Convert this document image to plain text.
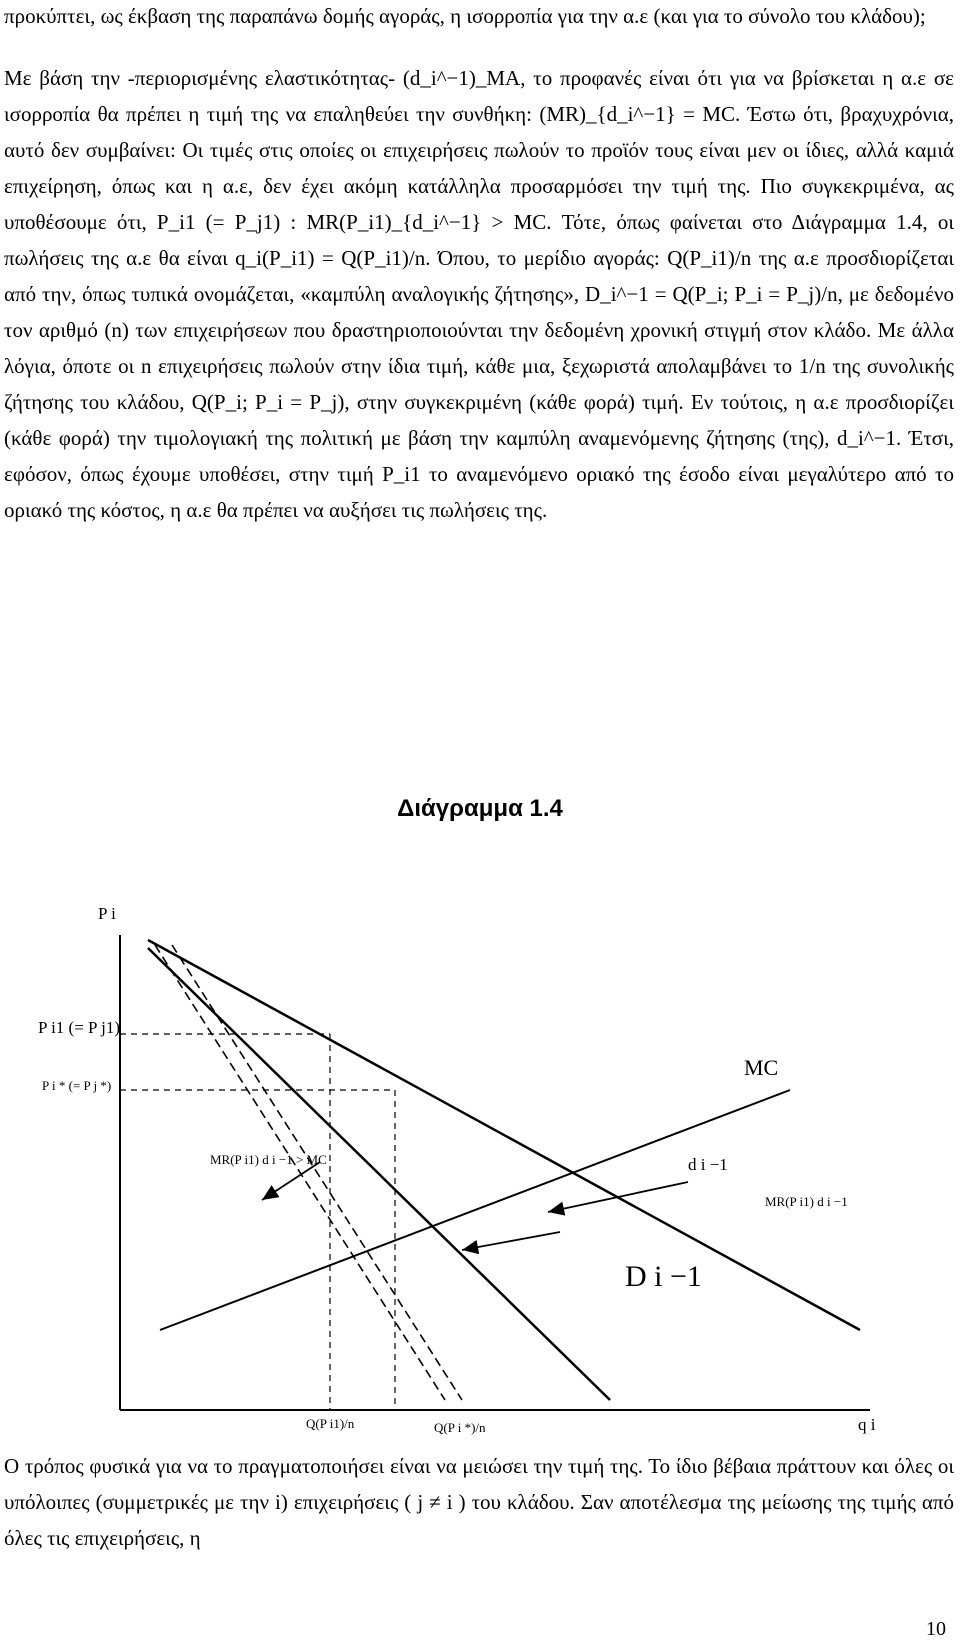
προκύπτει, ως έκβαση της παραπάνω δομής αγοράς, η ισορροπία για την α.ε (και για το σύνολο του κλάδου);

Με βάση την -περιορισμένης ελαστικότητας- (d_i^−1)_MA, το προφανές είναι ότι για να βρίσκεται η α.ε σε ισορροπία θα πρέπει η τιμή της να επαληθεύει την συνθήκη: (MR)_{d_i^−1} = MC. Έστω ότι, βραχυχρόνια, αυτό δεν συμβαίνει: Οι τιμές στις οποίες οι επιχειρήσεις πωλούν το προϊόν τους είναι μεν οι ίδιες, αλλά καμιά επιχείρηση, όπως και η α.ε, δεν έχει ακόμη κατάλληλα προσαρμόσει την τιμή της. Πιο συγκεκριμένα, ας υποθέσουμε ότι, P_i1 (= P_j1) : MR(P_i1)_{d_i^−1} > MC. Τότε, όπως φαίνεται στο Διάγραμμα 1.4, οι πωλήσεις της α.ε θα είναι q_i(P_i1) = Q(P_i1)/n. Όπου, το μερίδιο αγοράς: Q(P_i1)/n της α.ε προσδιορίζεται από την, όπως τυπικά ονομάζεται, «καμπύλη αναλογικής ζήτησης», D_i^−1 = Q(P_i; P_i = P_j)/n, με δεδομένο τον αριθμό (n) των επιχειρήσεων που δραστηριοποιούνται την δεδομένη χρονική στιγμή στον κλάδο. Με άλλα λόγια, όποτε οι n επιχειρήσεις πωλούν στην ίδια τιμή, κάθε μια, ξεχωριστά απολαμβάνει το 1/n της συνολικής ζήτησης του κλάδου, Q(P_i; P_i = P_j), στην συγκεκριμένη (κάθε φορά) τιμή. Εν τούτοις, η α.ε προσδιορίζει (κάθε φορά) την τιμολογιακή της πολιτική με βάση την καμπύλη αναμενόμενης ζήτησης (της), d_i^−1. Έτσι, εφόσον, όπως έχουμε υποθέσει, στην τιμή P_i1 το αναμενόμενο οριακό της έσοδο είναι μεγαλύτερο από το οριακό της κόστος, η α.ε θα πρέπει να αυξήσει τις πωλήσεις της.

Διάγραμμα 1.4
P i
P i1 (= P j1)
P i * (= P j *)
MC
d i −1
MR(P i1) d i −1
MR(P i1) d i −1 > MC
D i −1
q i
Q(P i1)/n	Q(P i *)/n

Ο τρόπος φυσικά για να το πραγματοποιήσει είναι να μειώσει την τιμή της. Το ίδιο βέβαια πράττουν και όλες οι υπόλοιπες (συμμετρικές με την i) επιχειρήσεις ( j ≠ i ) του κλάδου. Σαν αποτέλεσμα της μείωσης της τιμής από όλες τις επιχειρήσεις, η

10
